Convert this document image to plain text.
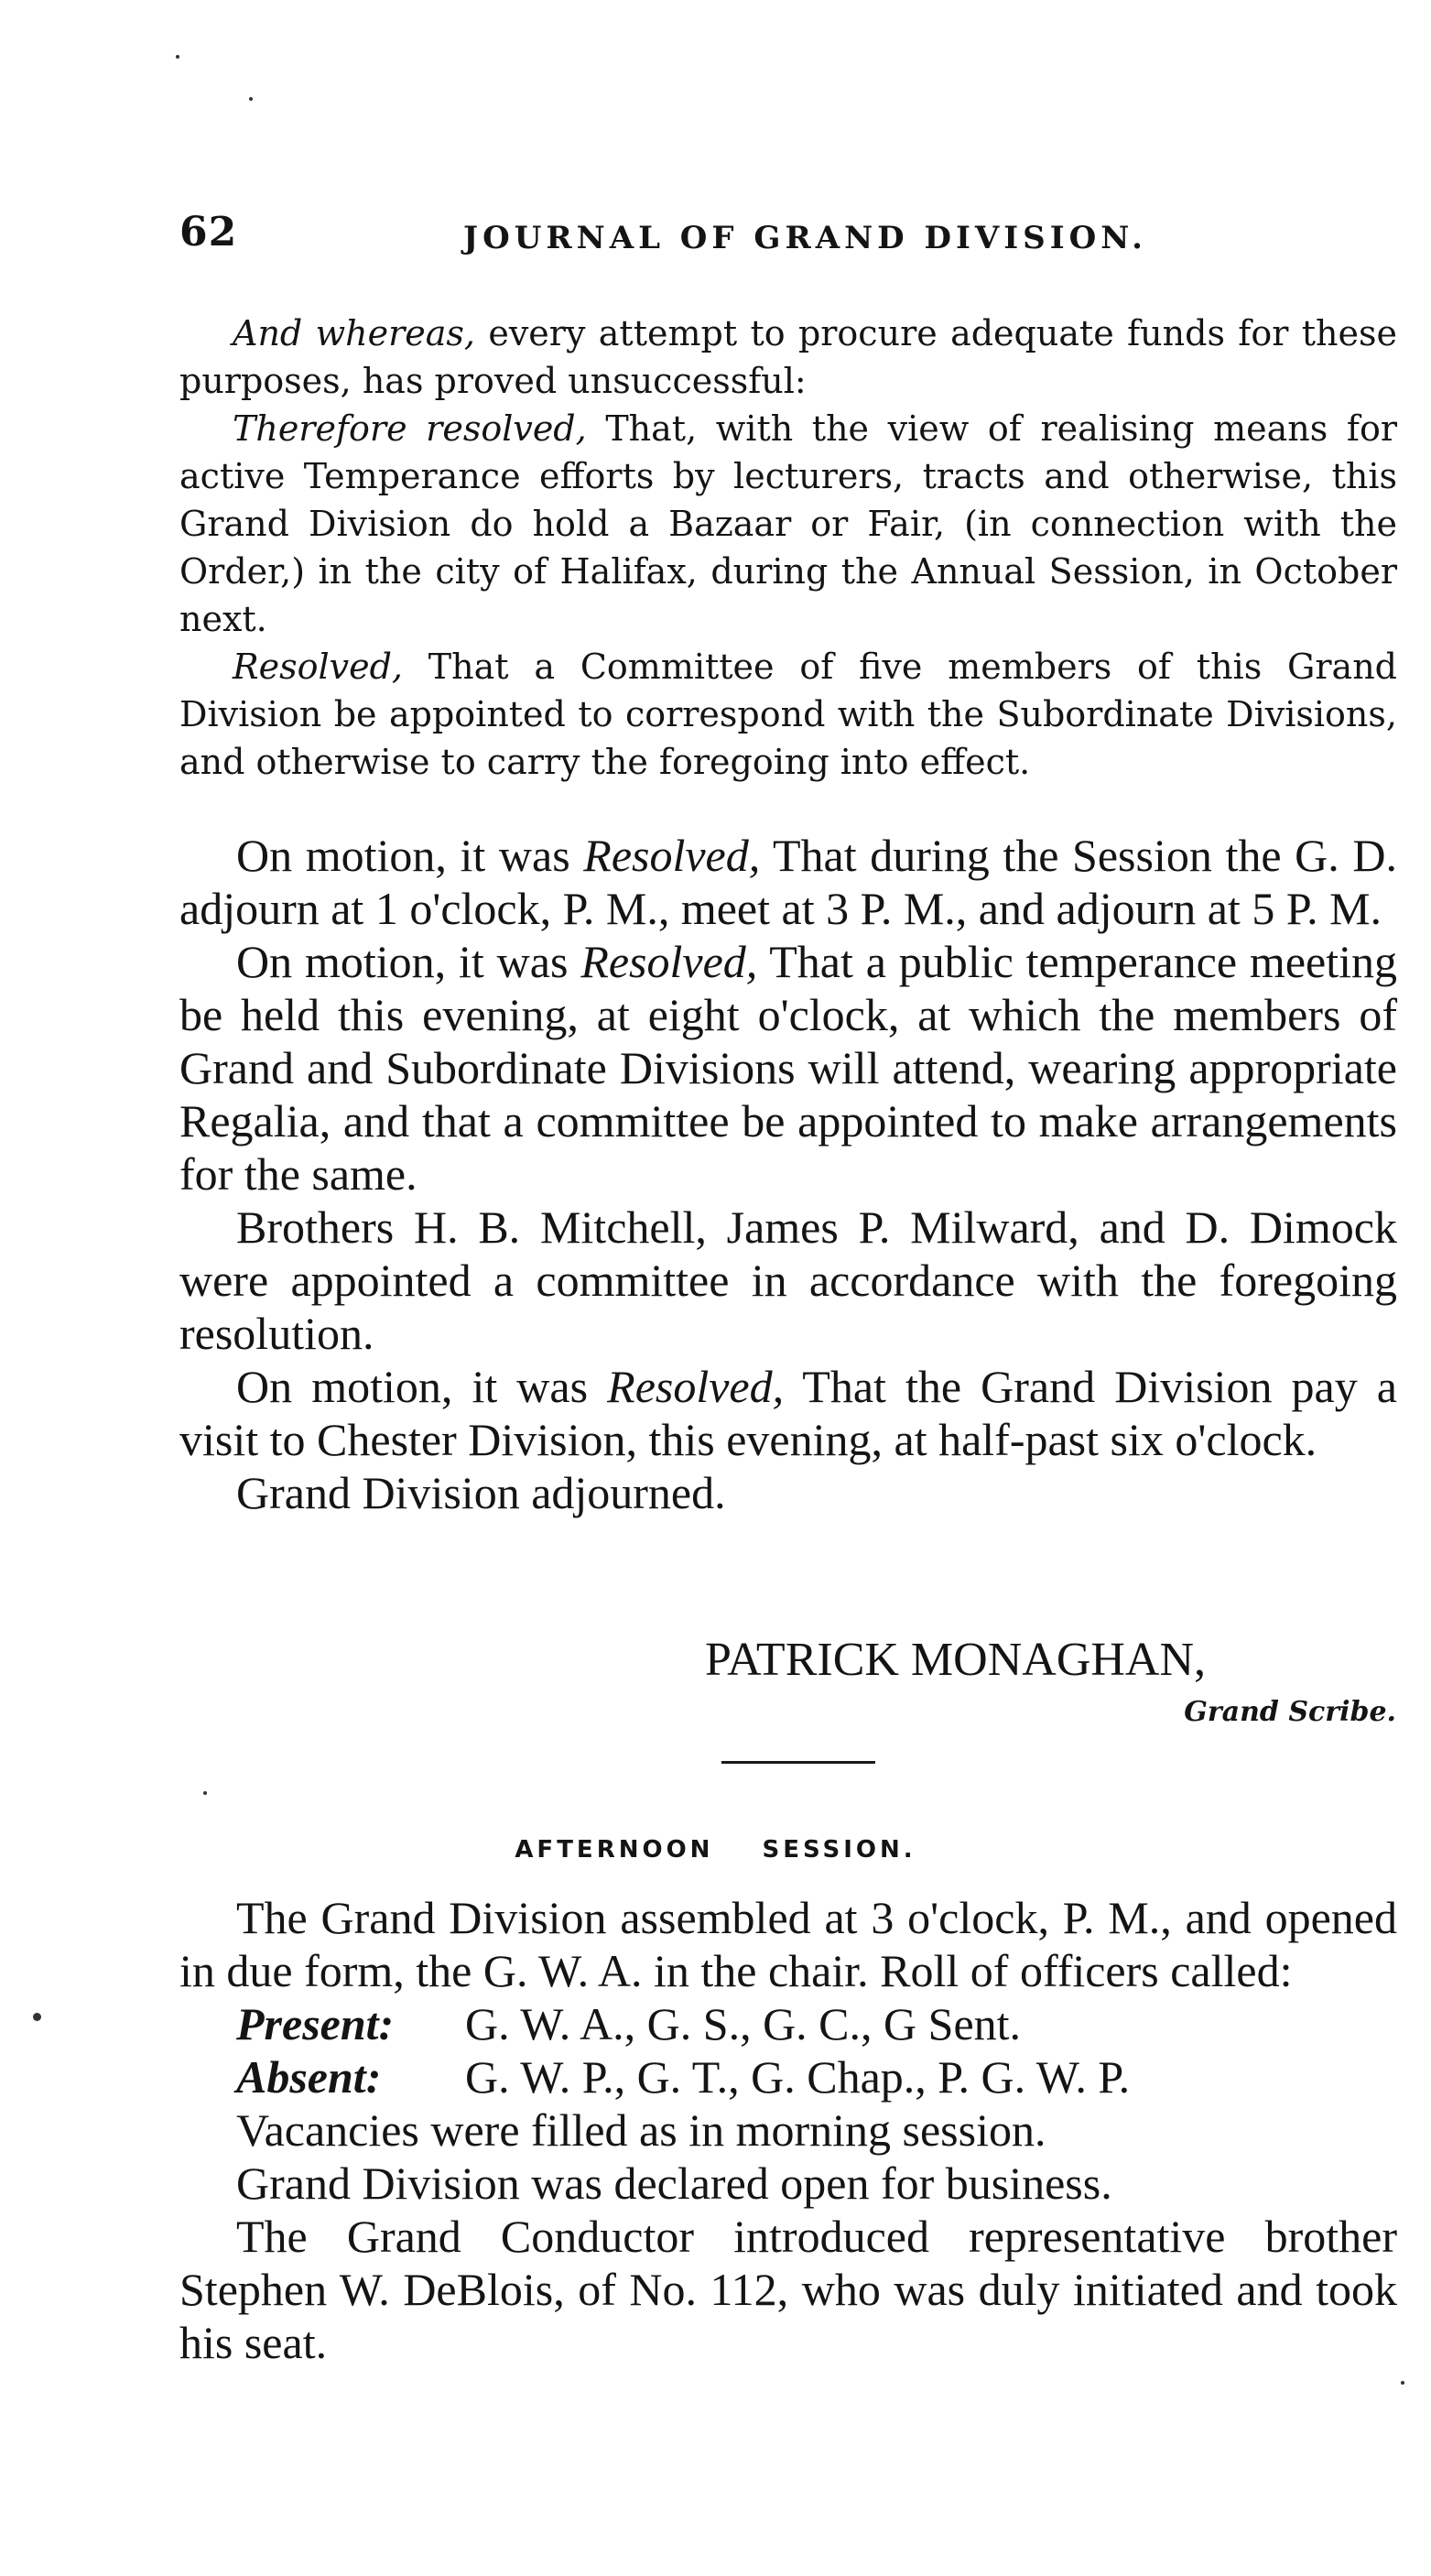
62	JOURNAL OF GRAND DIVISION.

And whereas, every attempt to procure adequate funds for these purposes, has proved unsuccessful:

Therefore resolved, That, with the view of realising means for active Temperance efforts by lecturers, tracts and otherwise, this Grand Division do hold a Bazaar or Fair, (in connection with the Order,) in the city of Halifax, during the Annual Session, in October next.

Resolved, That a Committee of five members of this Grand Division be appointed to correspond with the Subordinate Divisions, and otherwise to carry the foregoing into effect.

On motion, it was Resolved, That during the Session the G. D. adjourn at 1 o'clock, P. M., meet at 3 P. M., and adjourn at 5 P. M.

On motion, it was Resolved, That a public temperance meeting be held this evening, at eight o'clock, at which the members of Grand and Subordinate Divisions will attend, wearing appropriate Regalia, and that a committee be appointed to make arrangements for the same.

Brothers H. B. Mitchell, James P. Milward, and D. Dimock were appointed a committee in accordance with the foregoing resolution.

On motion, it was Resolved, That the Grand Division pay a visit to Chester Division, this evening, at half-past six o'clock.

Grand Division adjourned.

PATRICK MONAGHAN,
Grand Scribe.
AFTERNOON SESSION.

The Grand Division assembled at 3 o'clock, P. M., and opened in due form, the G. W. A. in the chair. Roll of officers called:

Present: G. W. A., G. S., G. C., G Sent.

Absent: G. W. P., G. T., G. Chap., P. G. W. P.

Vacancies were filled as in morning session.

Grand Division was declared open for business.

The Grand Conductor introduced representative brother Stephen W. DeBlois, of No. 112, who was duly initiated and took his seat.
